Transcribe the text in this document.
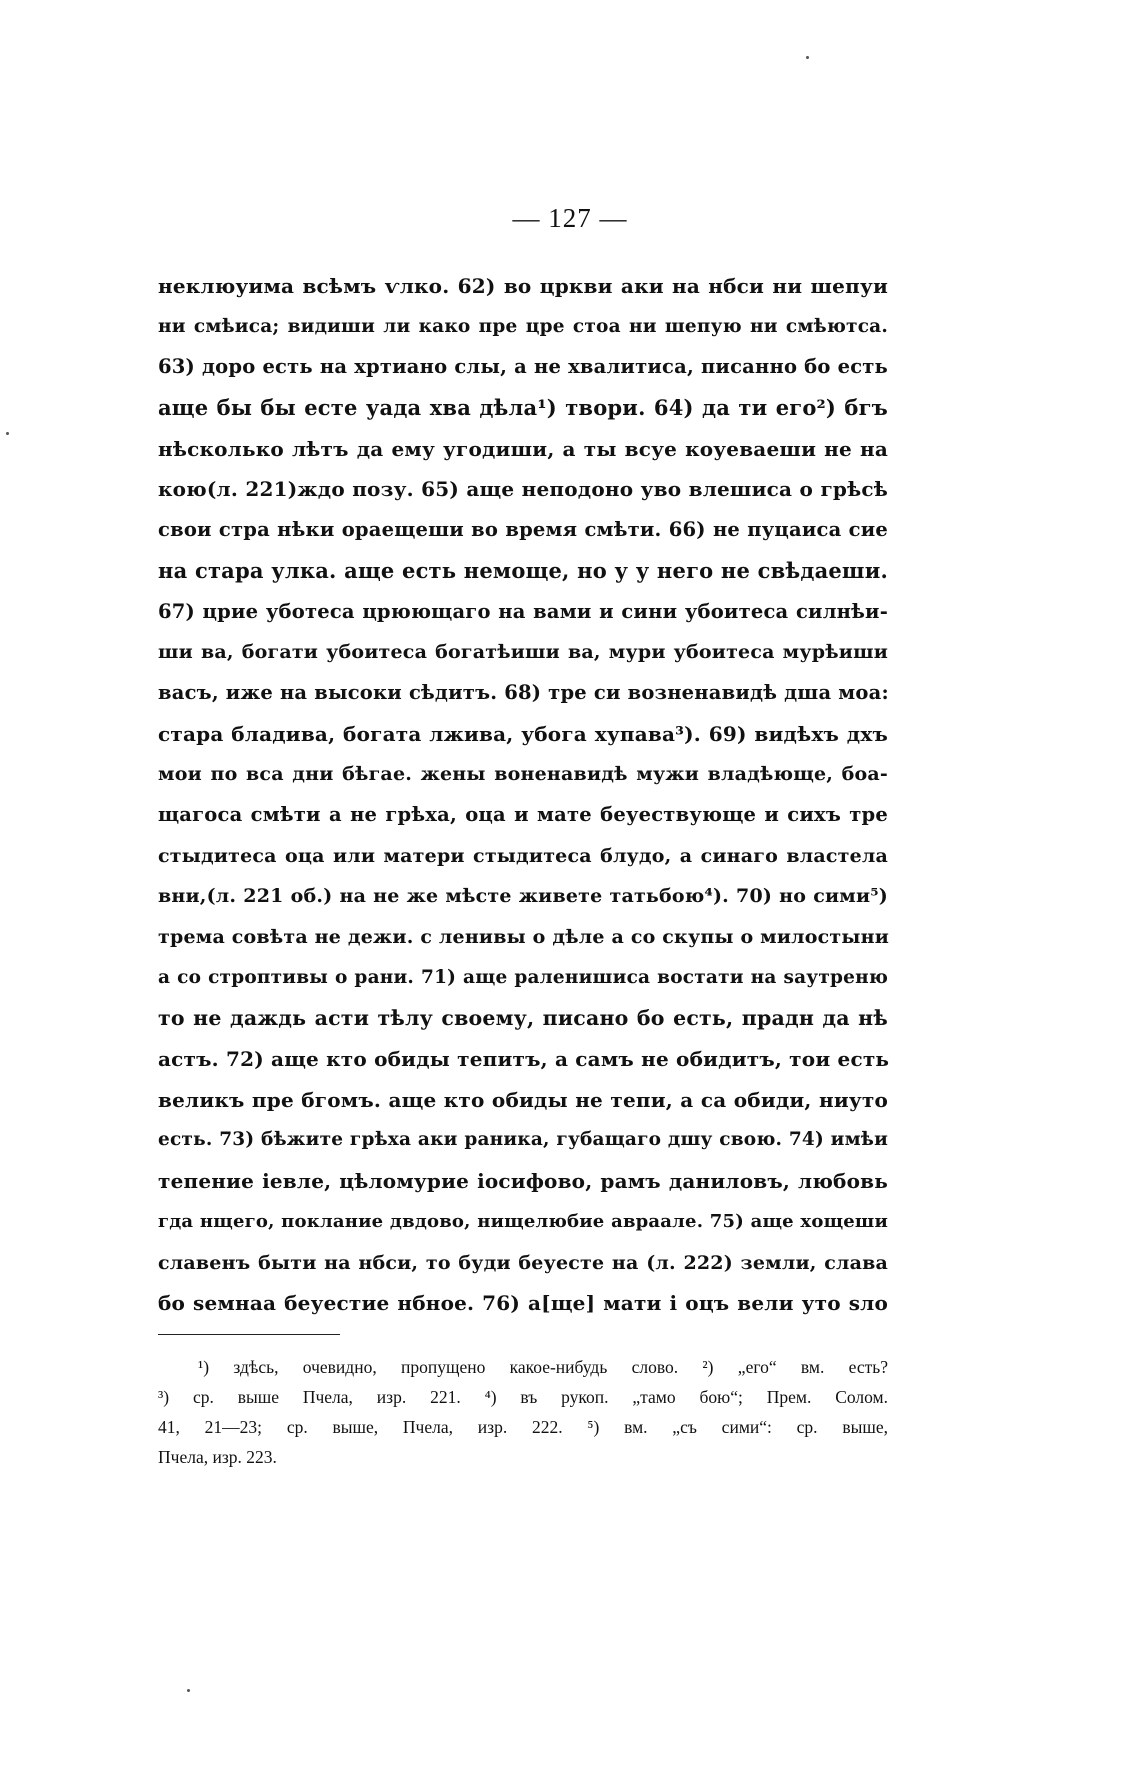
— 127 —
неклюуима всѣмъ ѵлко. 62) во цркви аки на нбси ни шепуи
ни смѣиса; видиши ли како пре цре стоа ни шепую ни смѣютса.
63) доро есть на хртиано слы, а не хвалитиса, писанно бо есть
аще бы бы есте уада хва дѣла¹) твори. 64) да ти его²) бгъ
нѣсколько лѣтъ да ему угодиши, а ты всуе коуеваеши не на
кою(л. 221)ждо позу. 65) аще неподоно уво влешиса о грѣсѣ
свои стра нѣки ораещеши во время смѣти. 66) не пуцаиса сие
на стара улка. аще есть немоще, но у у него не свѣдаеши.
67) цриe уботеса црюющаго на вами и сини убоитеса силнѣи-
ши ва, богати убоитеса богатѣиши ва, мури убоитеса мурѣиши
васъ, иже на высоки сѣдитъ. 68) тре си возненавидѣ дша моа:
стара бладива, богата лжива, убога хупава³). 69) видѣхъ дхъ
мои по вса дни бѣгае. жены воненавидѣ мужи владѣюще, боа-
щагоса смѣти а не грѣха, оца и мате беуествующе и сихъ тре
стыдитеса оца или матери стыдитеса блудо, а синаго властела
вни,(л. 221 об.) на не же мѣсте живете татьбою⁴). 70) но сими⁵)
трема совѣта не дежи. с ленивы о дѣле а со скупы о милостыни
а со строптивы о рани. 71) аще раленишиса востати на sаутреню
то не даждь асти тѣлу своему, писано бо есть, прадн да нѣ
астъ. 72) аще кто обиды тепитъ, а самъ не обидитъ, тои есть
великъ пре бгомъ. аще кто обиды не тепи, а са обиди, ниуто
есть. 73) бѣжите грѣха аки раника, губащаго дшу свою. 74) имѣи
тепение іевле, цѣломурие іосифово, рамъ даниловъ, любовь
гда нщего, поклание двдово, нищелюбие авраале. 75) аще хощеши
славенъ быти на нбси, то буди беуесте на (л. 222) земли, слава
бо sемнаа беуестие нбное. 76) а[ще] мати і оцъ вели уто sло
¹) здѣсь, очевидно, пропущено какое-нибудь слово. ²) „его“ вм. есть?
³) ср. выше Пчела, изр. 221. ⁴) въ рукоп. „тамо бою“; Прем. Солом.
41, 21—23; ср. выше, Пчела, изр. 222. ⁵) вм. „съ сими“: ср. выше,
Пчела, изр. 223.
